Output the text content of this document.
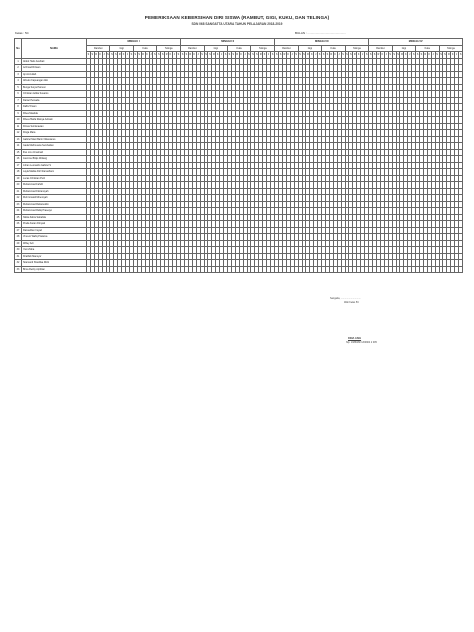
PEMERIKSAAN KEBERSIHAN DIRI SISWA (RAMBUT, GIGI, KUKU, DAN TELINGA)
SDN 068 SANGATTA UTARA TAHUN PELAJARAN 2018-2019
Kelas : 5C	BULAN : ..............................................
No	NAMA	MINGGU I	MINGGU II	MINGGU III	MINGGU IV
Rambut	Gigi	Kuku	Telinga	Rambut	Gigi	Kuku	Telinga	Rambut	Gigi	Kuku	Telinga	Rambut	Gigi	Kuku	Telinga
S	S	R	K	J	S	S	S	R	K	J	S	S	S	R	K	J	S	S	S	R	K	J	S	S	S	R	K	J	S	S	S	R	K	J	S	S	S	R	K	J	S	S	S	R	K	J	S	S	S	R	K	J	S	S	S	R	K	J	S	S	S	R	K	J	S	S	S	R	K	J	S	S	S	R	K	J	S	S	S	R	K	J	S	S	S	R	K	J	S	S	S	R	K	J	S
1	Abdul Haris Asshiati																																																																																																
2	Achmad Rizwan																																																																																																
3	Aji Amirullah																																																																																																
4	Alfredo Kapuangan Allo																																																																																																
5	Bunga Surya Pamusi																																																																																																
6	Christian Aditia Susanto																																																																																																
7	Daniel Persada																																																																																																
8	Daffa Trisam																																																																																																
9	Dhea Maulida																																																																																																
10	Dhea Zhaifa Ratuya Adinam																																																																																																
11	Dimas Sutrisnawan																																																																																																
12	Dinga Mara																																																																																																
13	Gabriel Mani Barin Oktavianus																																																																																																
14	Gada Mahmuana Sembaban																																																																																																
15	Illus Linu Irmaimah																																																																																																
16	Jasmine Bilqis Wulang																																																																																																
17	Johan Leonardo Gabriel S																																																																																																
18	Layla Malika Fitri Ramadhani																																																																																																
19	Lucas Christian Putri																																																																																																
20	Muhammad Fahdli																																																																																																
21	Muhammad Fikriansyah																																																																																																
22	Muh Ismaidi Mirensyah																																																																																																
23	Muhammad Raharuddin																																																																																																
24	Muhammad Rafiq Prasetyo																																																																																																
25	Nikita Zahra Sahabila																																																																																																
26	Prada Karan Dimyati																																																																																																
27	Ramadhan Irsyad																																																																																																
28	Vincent Wafiq Pratama																																																																																																
29	Willey Adi																																																																																																
30	Yani Zidna																																																																																																
31	Khalifah Mansyur																																																																																																
32	Sitamardi Shadifaa Rizki																																																																																																
33	Bima Rezky Apriltian																																																																																																
Sangatta, ..............................
Wali Kelas 5C
DINA ASIH
Nip. 19860823 200904 2 005
